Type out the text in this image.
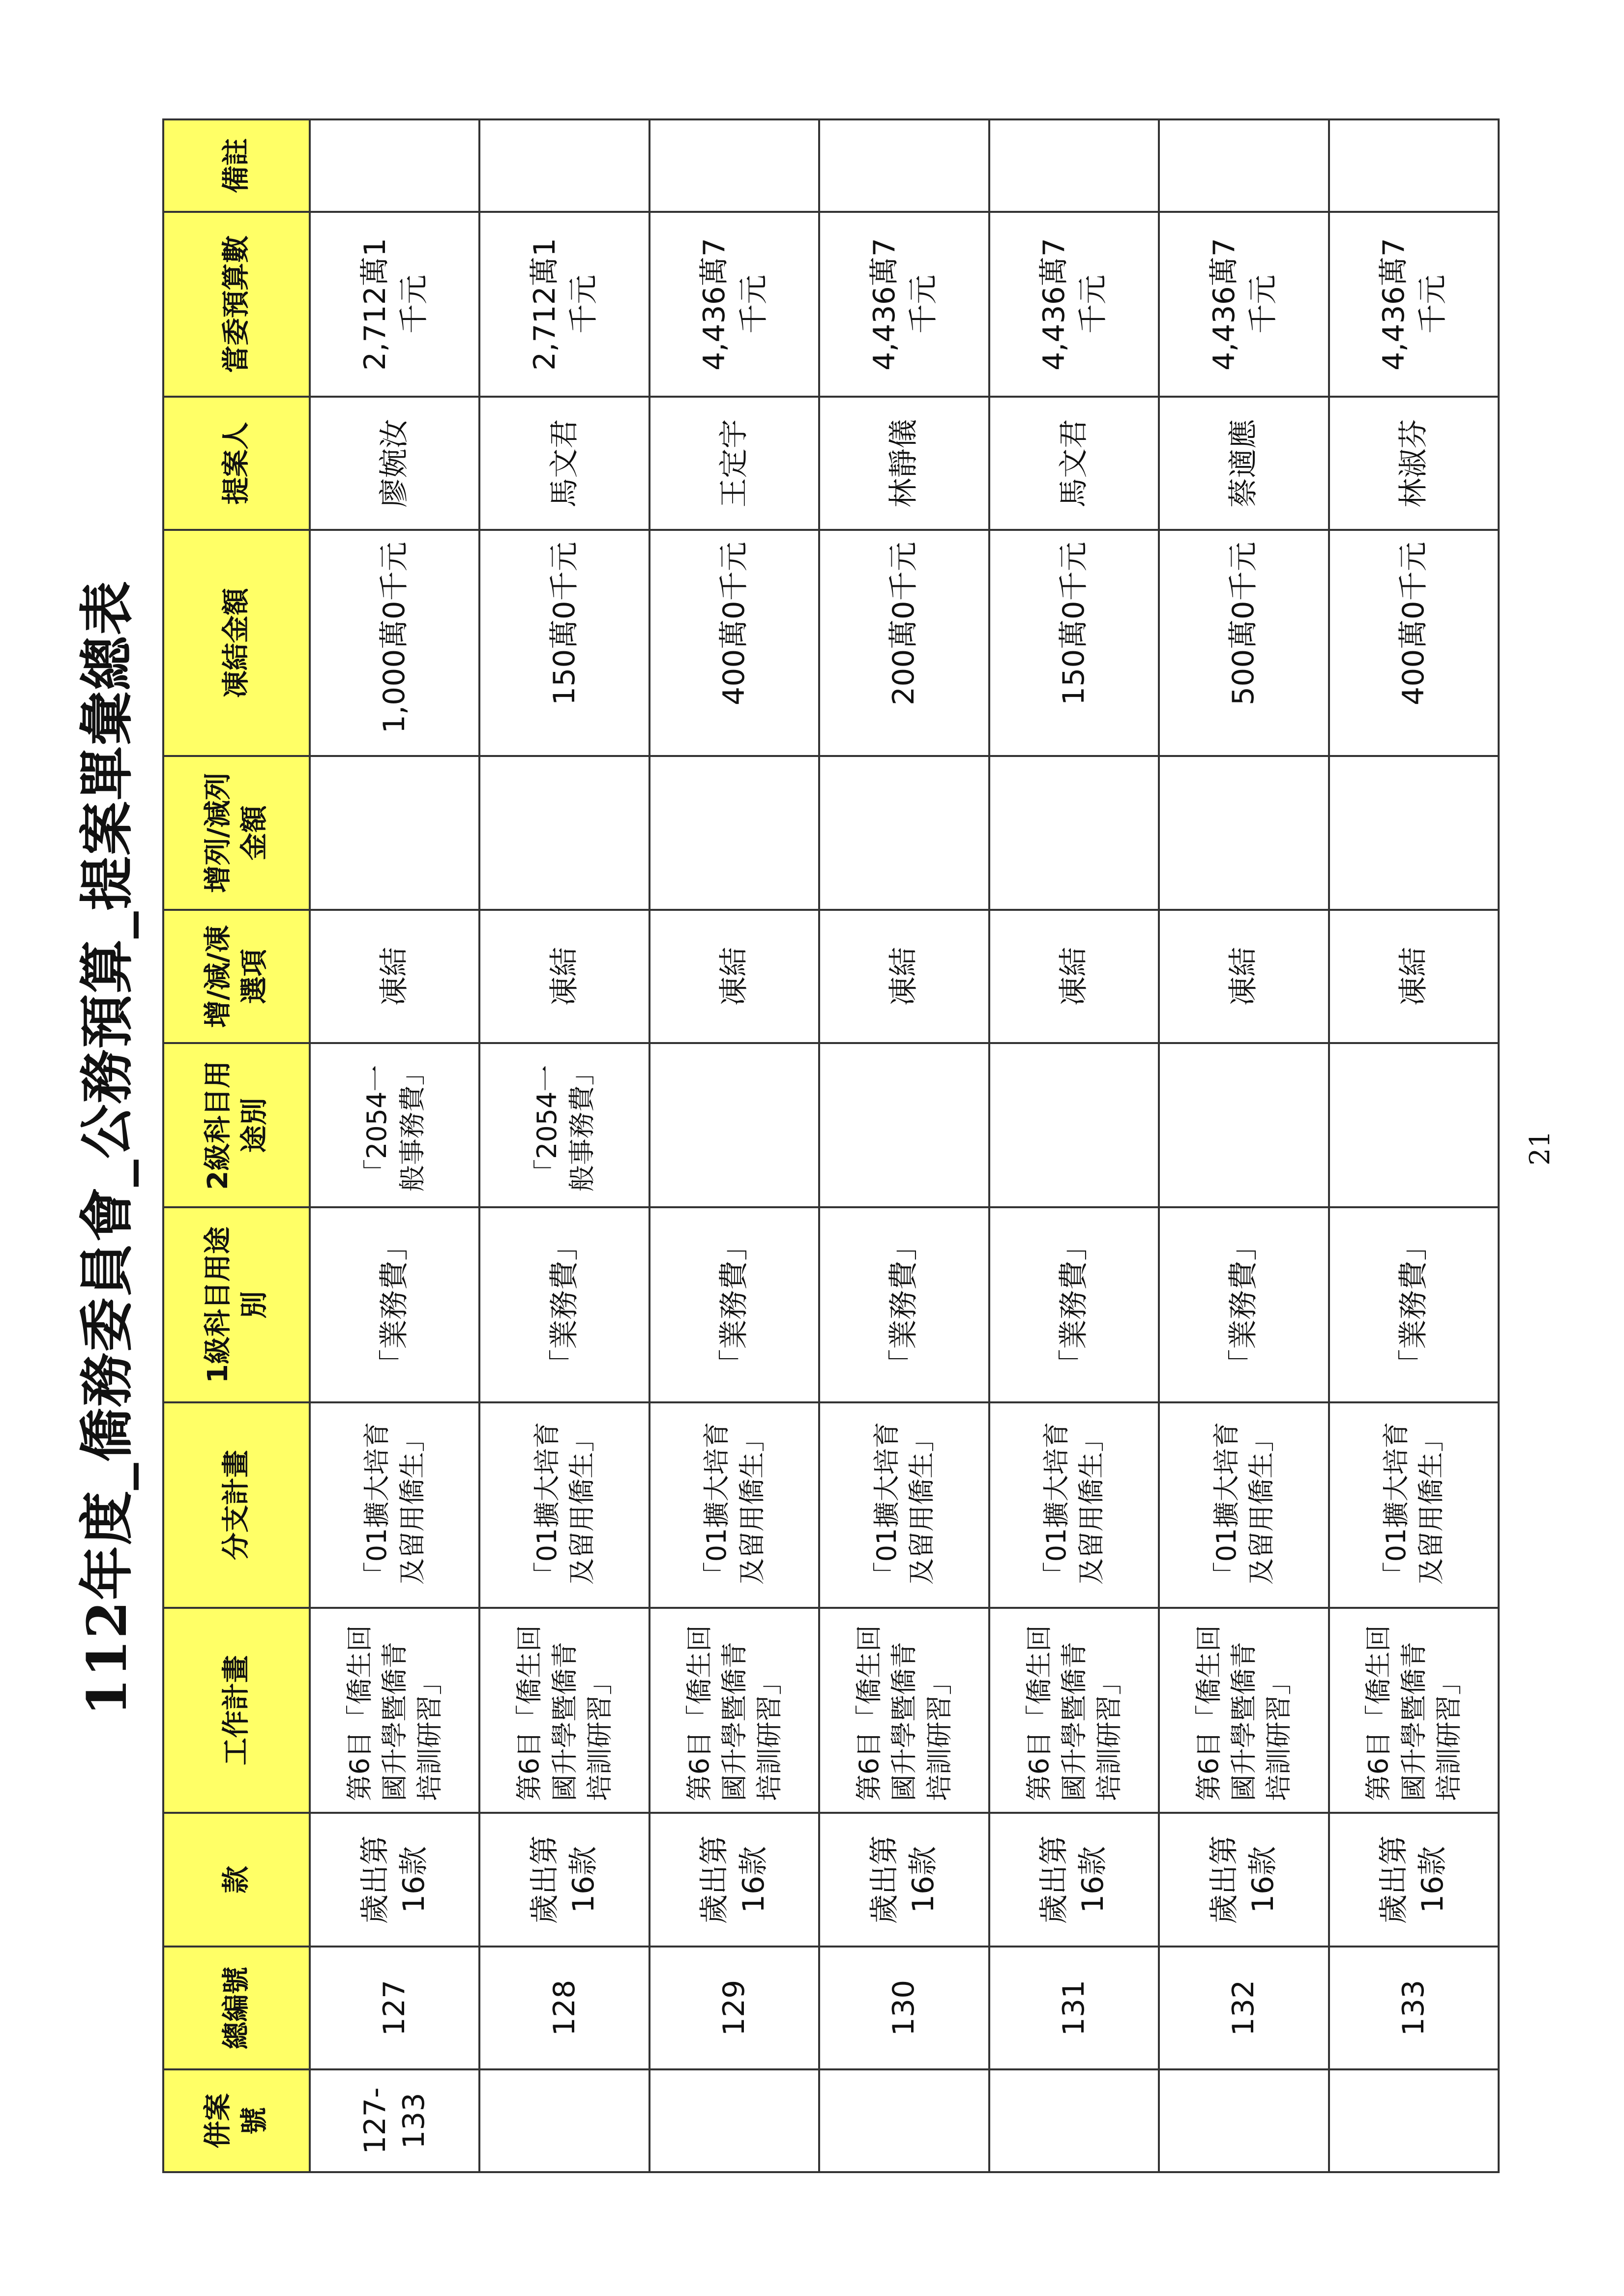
112年度_僑務委員會_公務預算_提案單彙總表
併案號	總編號	款	工作計畫	分支計畫	1級科目用途別	2級科目用途別	增/減/凍選項	增列/減列金額	凍結金額	提案人	當委預算數	備註
127-133	127	歲出第16款	第6目「僑生回國升學暨僑青培訓研習」	「01擴大培育及留用僑生」	「業務費」	「2054一般事務費」	凍結		1,000萬0千元	廖婉汝	2,712萬1千元	
	128	歲出第16款	第6目「僑生回國升學暨僑青培訓研習」	「01擴大培育及留用僑生」	「業務費」	「2054一般事務費」	凍結		150萬0千元	馬文君	2,712萬1千元	
	129	歲出第16款	第6目「僑生回國升學暨僑青培訓研習」	「01擴大培育及留用僑生」	「業務費」		凍結		400萬0千元	王定宇	4,436萬7千元	
	130	歲出第16款	第6目「僑生回國升學暨僑青培訓研習」	「01擴大培育及留用僑生」	「業務費」		凍結		200萬0千元	林靜儀	4,436萬7千元	
	131	歲出第16款	第6目「僑生回國升學暨僑青培訓研習」	「01擴大培育及留用僑生」	「業務費」		凍結		150萬0千元	馬文君	4,436萬7千元	
	132	歲出第16款	第6目「僑生回國升學暨僑青培訓研習」	「01擴大培育及留用僑生」	「業務費」		凍結		500萬0千元	蔡適應	4,436萬7千元	
	133	歲出第16款	第6目「僑生回國升學暨僑青培訓研習」	「01擴大培育及留用僑生」	「業務費」		凍結		400萬0千元	林淑芬	4,436萬7千元	
21
